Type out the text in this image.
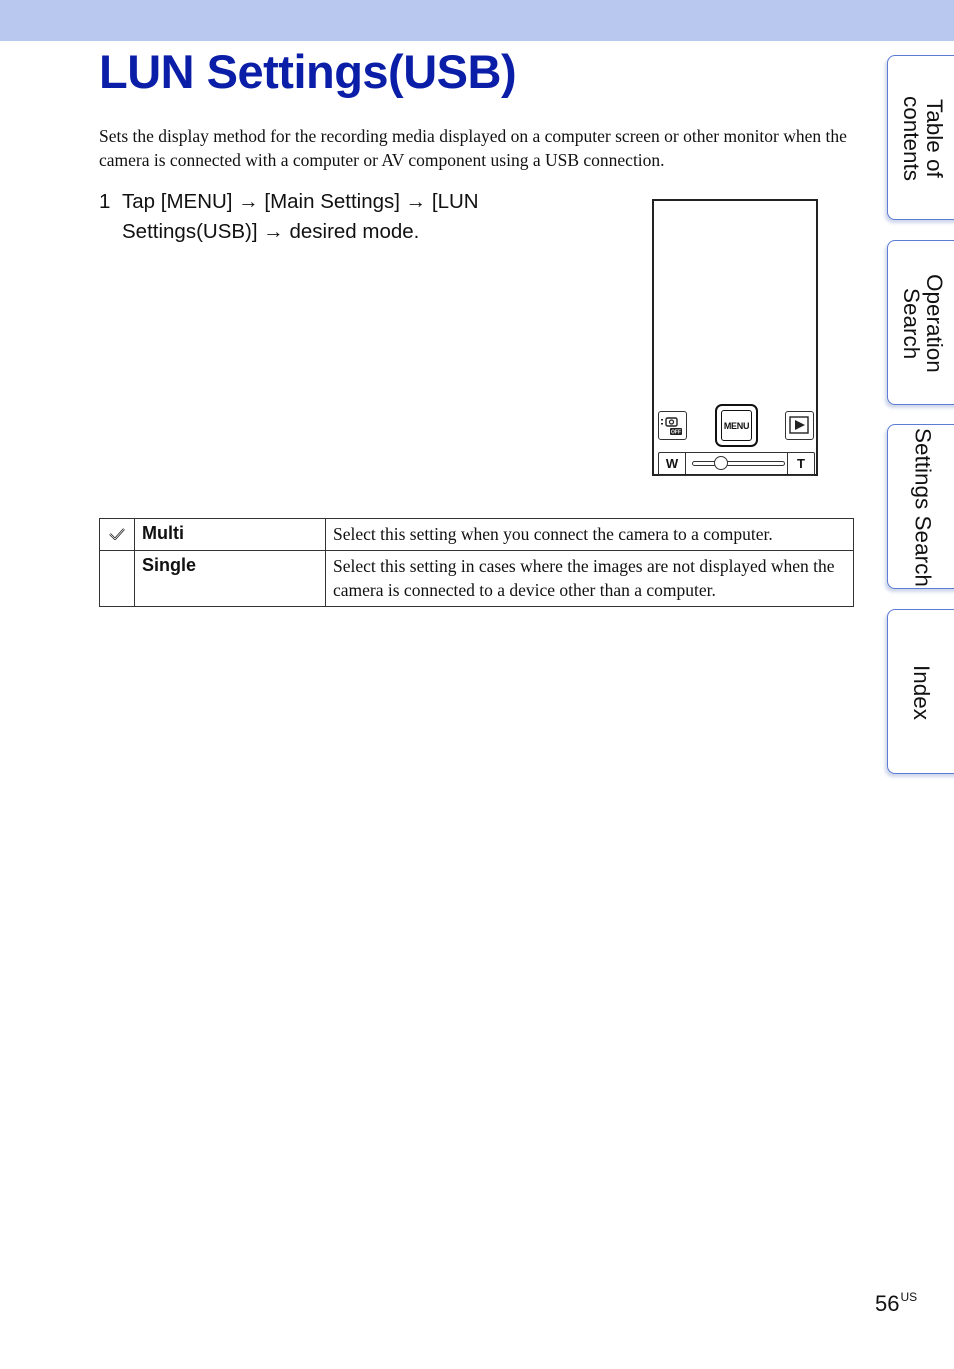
LUN Settings(USB)

Sets the display method for the recording media displayed on a computer screen or other monitor when the camera is connected with a computer or AV component using a USB connection.

1 Tap [MENU] → [Main Settings] → [LUN Settings(USB)] → desired mode.
OFF
MENU
W	T
	Multi	Select this setting when you connect the camera to a computer.
	Single	Select this setting in cases where the images are not displayed when the camera is connected to a device other than a computer.
Table of contents
Operation Search
Settings Search
Index
$56^{US}$
